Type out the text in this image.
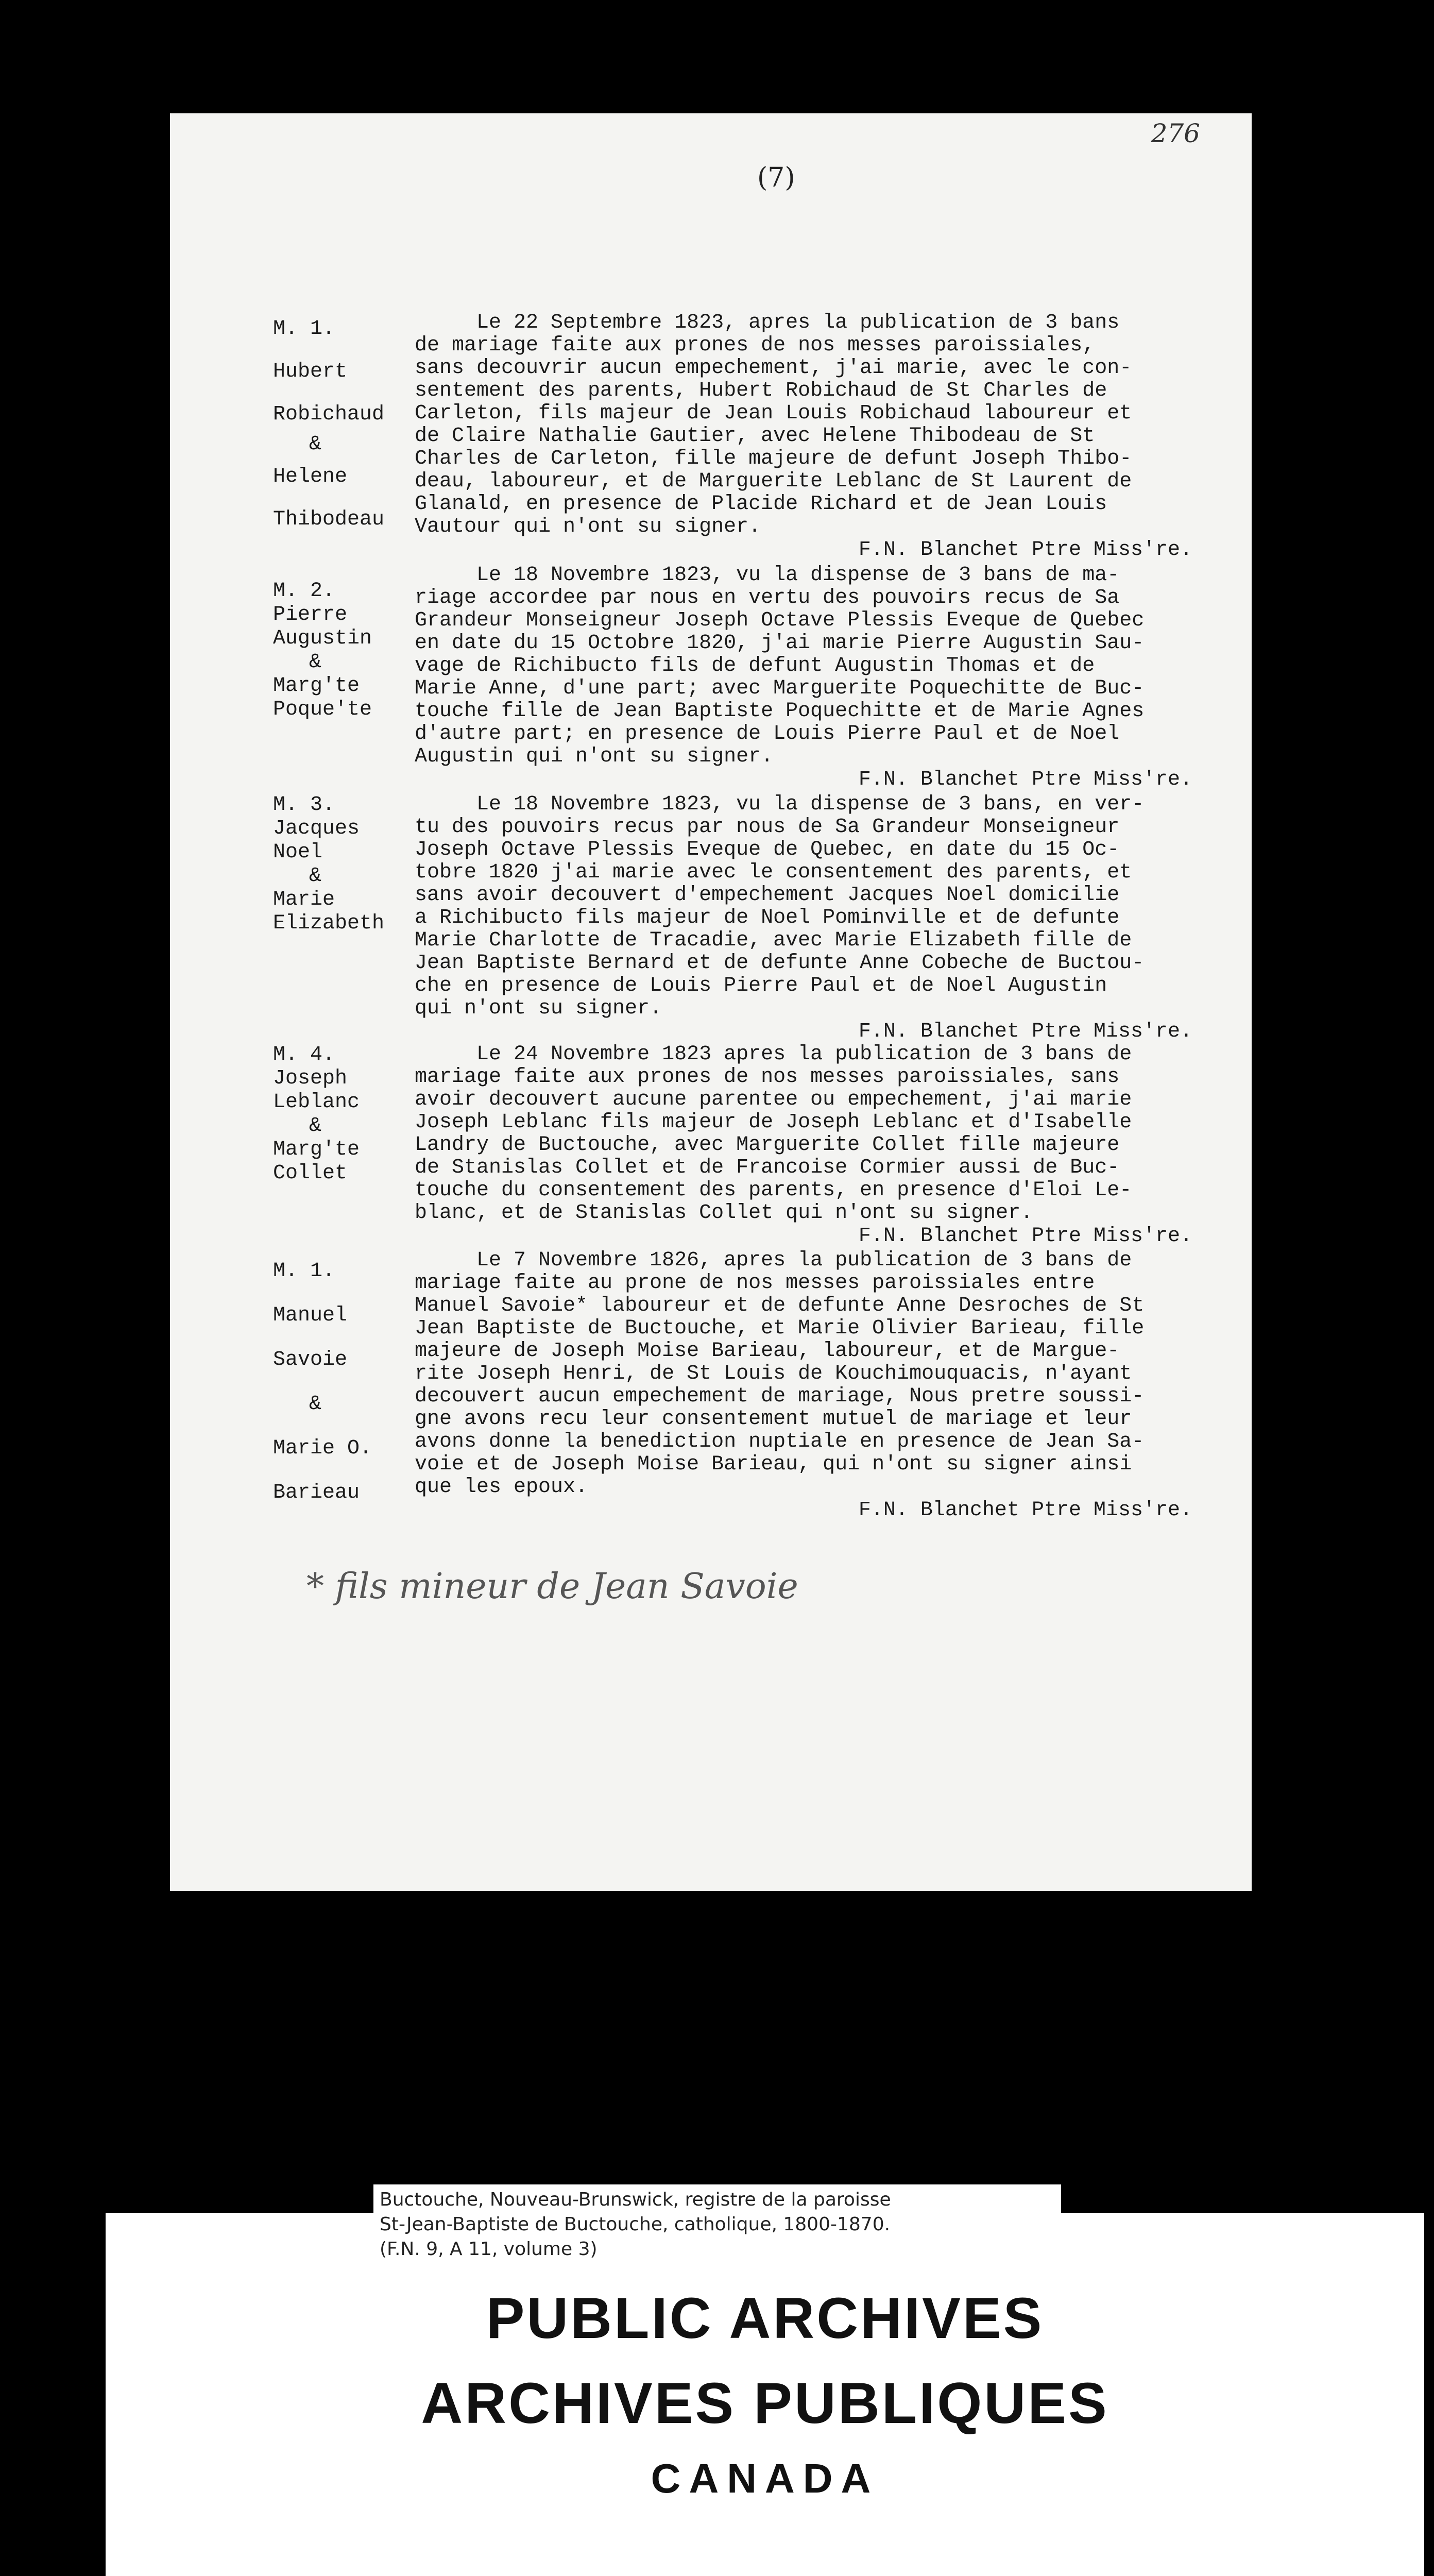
276
(7)
M. 1.
Hubert
Robichaud
&
Helene
Thibodeau
Le 22 Septembre 1823, apres la publication de 3 bans
de mariage faite aux prones de nos messes paroissiales,
sans decouvrir aucun empechement, j'ai marie, avec le con-
sentement des parents, Hubert Robichaud de St Charles de
Carleton, fils majeur de Jean Louis Robichaud laboureur et
de Claire Nathalie Gautier, avec Helene Thibodeau de St
Charles de Carleton, fille majeure de defunt Joseph Thibo-
deau, laboureur, et de Marguerite Leblanc de St Laurent de
Glanald, en presence de Placide Richard et de Jean Louis
Vautour qui n'ont su signer.
F.N. Blanchet Ptre Miss're.
M. 2.
Pierre
Augustin
&
Marg'te
Poque'te
Le 18 Novembre 1823, vu la dispense de 3 bans de ma-
riage accordee par nous en vertu des pouvoirs recus de Sa
Grandeur Monseigneur Joseph Octave Plessis Eveque de Quebec
en date du 15 Octobre 1820, j'ai marie Pierre Augustin Sau-
vage de Richibucto fils de defunt Augustin Thomas et de
Marie Anne, d'une part; avec Marguerite Poquechitte de Buc-
touche fille de Jean Baptiste Poquechitte et de Marie Agnes
d'autre part; en presence de Louis Pierre Paul et de Noel
Augustin qui n'ont su signer.
F.N. Blanchet Ptre Miss're.
M. 3.
Jacques
Noel
&
Marie
Elizabeth
Le 18 Novembre 1823, vu la dispense de 3 bans, en ver-
tu des pouvoirs recus par nous de Sa Grandeur Monseigneur
Joseph Octave Plessis Eveque de Quebec, en date du 15 Oc-
tobre 1820 j'ai marie avec le consentement des parents, et
sans avoir decouvert d'empechement Jacques Noel domicilie
a Richibucto fils majeur de Noel Pominville et de defunte
Marie Charlotte de Tracadie, avec Marie Elizabeth fille de
Jean Baptiste Bernard et de defunte Anne Cobeche de Buctou-
che en presence de Louis Pierre Paul et de Noel Augustin
qui n'ont su signer.
F.N. Blanchet Ptre Miss're.
M. 4.
Joseph
Leblanc
&
Marg'te
Collet
Le 24 Novembre 1823 apres la publication de 3 bans de
mariage faite aux prones de nos messes paroissiales, sans
avoir decouvert aucune parentee ou empechement, j'ai marie
Joseph Leblanc fils majeur de Joseph Leblanc et d'Isabelle
Landry de Buctouche, avec Marguerite Collet fille majeure
de Stanislas Collet et de Francoise Cormier aussi de Buc-
touche du consentement des parents, en presence d'Eloi Le-
blanc, et de Stanislas Collet qui n'ont su signer.
F.N. Blanchet Ptre Miss're.
M. 1.
Manuel
Savoie
&
Marie O.
Barieau
Le 7 Novembre 1826, apres la publication de 3 bans de
mariage faite au prone de nos messes paroissiales entre
Manuel Savoie* laboureur et de defunte Anne Desroches de St
Jean Baptiste de Buctouche, et Marie Olivier Barieau, fille
majeure de Joseph Moise Barieau, laboureur, et de Margue-
rite Joseph Henri, de St Louis de Kouchimouquacis, n'ayant
decouvert aucun empechement de mariage, Nous pretre soussi-
gne avons recu leur consentement mutuel de mariage et leur
avons donne la benediction nuptiale en presence de Jean Sa-
voie et de Joseph Moise Barieau, qui n'ont su signer ainsi
que les epoux.
F.N. Blanchet Ptre Miss're.
* fils mineur de Jean Savoie
Buctouche, Nouveau-Brunswick, registre de la paroisse
St-Jean-Baptiste de Buctouche, catholique, 1800-1870.
(F.N. 9, A 11, volume 3)
PUBLIC ARCHIVES
ARCHIVES PUBLIQUES
CANADA
